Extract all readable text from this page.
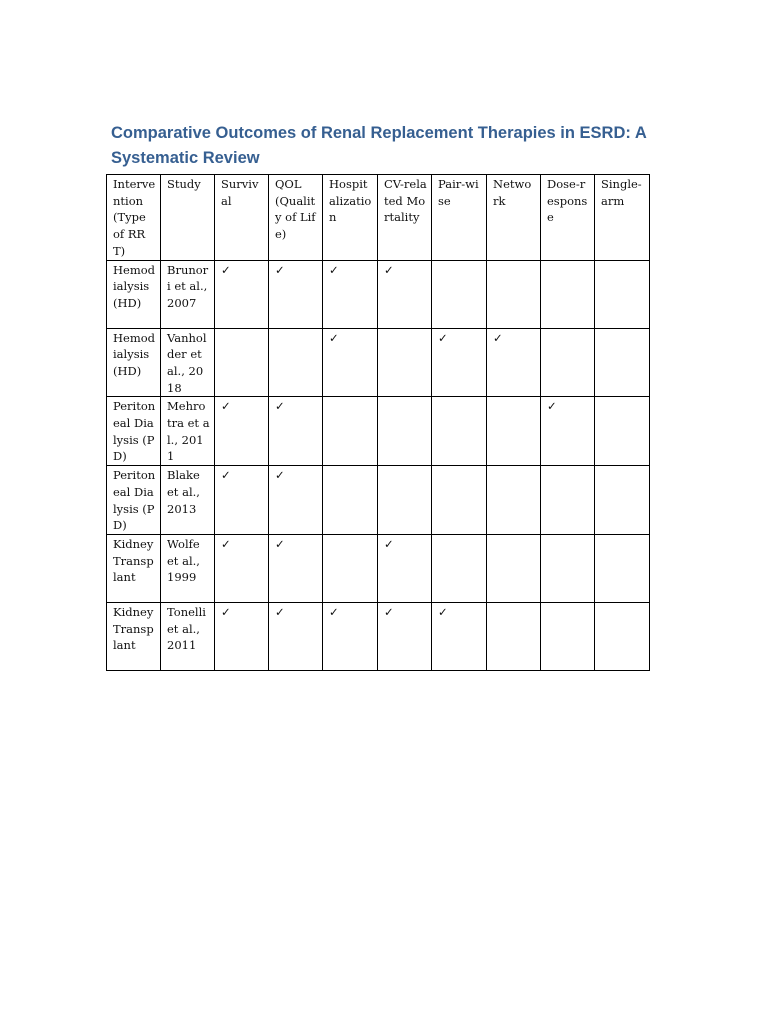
Comparative Outcomes of Renal Replacement Therapies in ESRD: A Systematic Review
Intervention (Type of RRT)	Study	Survival	QOL (Quality of Life)	Hospitalization	CV-related Mortality	Pair-wise	Network	Dose-response	Single-arm
Hemodialysis (HD)	Brunori et al., 2007	✓	✓	✓	✓				
Hemodialysis (HD)	Vanholder et al., 2018			✓		✓	✓		
Peritoneal Dialysis (PD)	Mehrotra et al., 2011	✓	✓					✓	
Peritoneal Dialysis (PD)	Blake et al., 2013	✓	✓						
Kidney Transplant	Wolfe et al., 1999	✓	✓		✓				
Kidney Transplant	Tonelli et al., 2011	✓	✓	✓	✓	✓			
